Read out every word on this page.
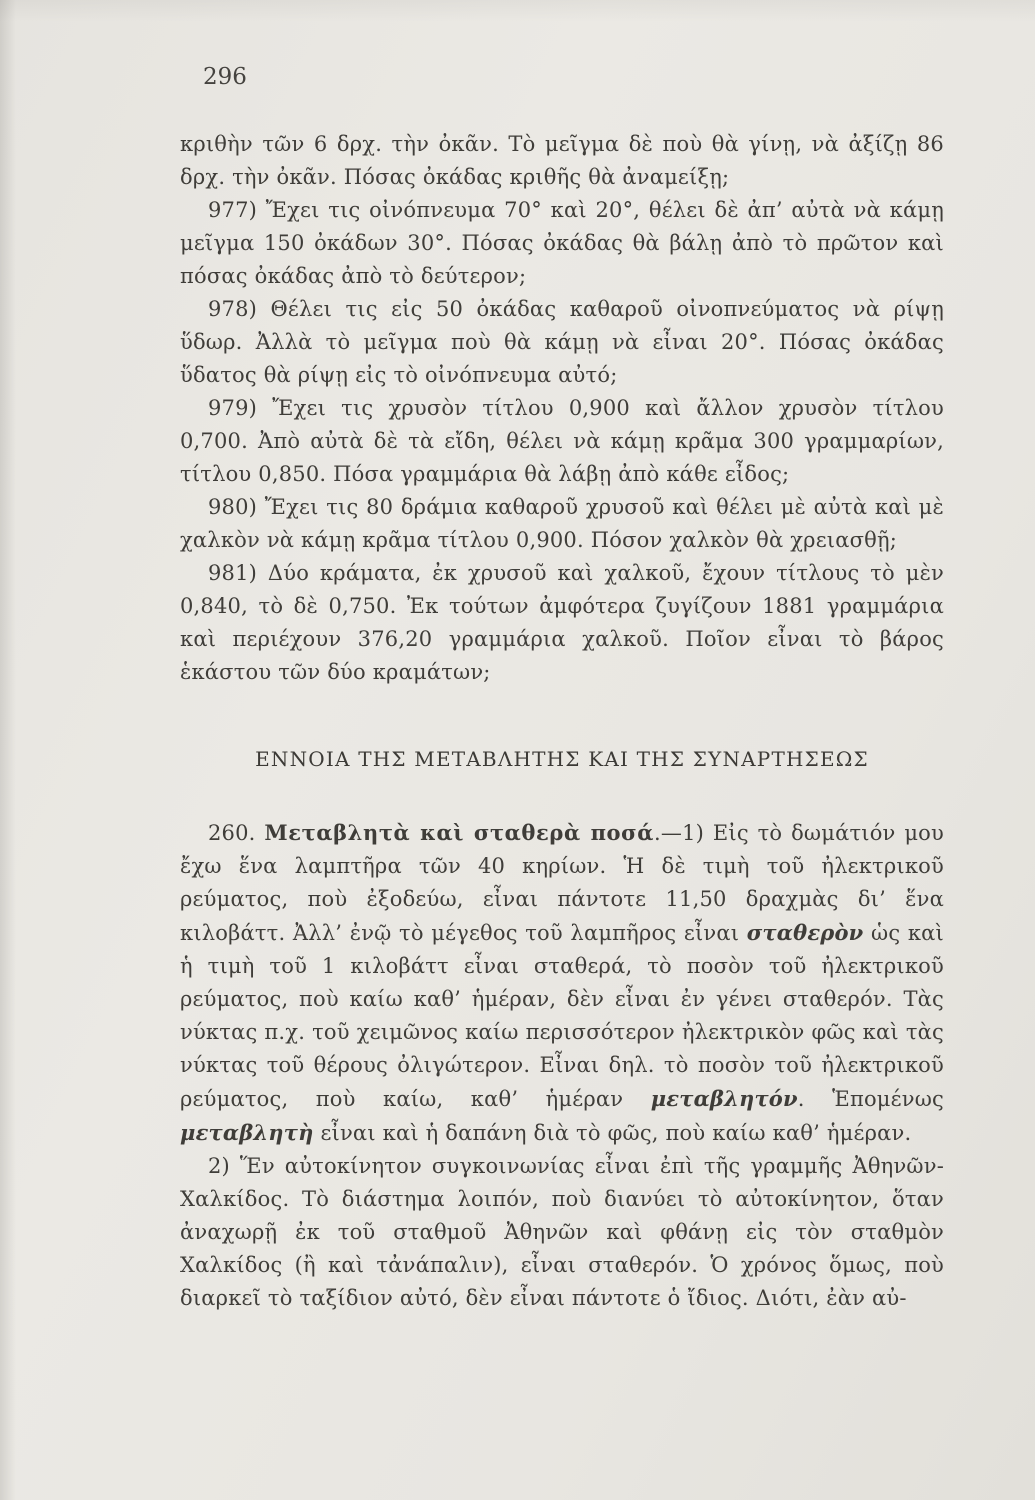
296

κριθὴν τῶν 6 δρχ. τὴν ὀκᾶν. Τὸ μεῖγμα δὲ ποὺ θὰ γίνῃ, νὰ ἀξίζῃ 86 δρχ. τὴν ὀκᾶν. Πόσας ὀκάδας κριθῆς θὰ ἀναμείξῃ;

977) Ἔχει τις οἰνόπνευμα 70° καὶ 20°, θέλει δὲ ἀπ’ αὐτὰ νὰ κάμῃ μεῖγμα 150 ὀκάδων 30°. Πόσας ὀκάδας θὰ βάλῃ ἀπὸ τὸ πρῶτον καὶ πόσας ὀκάδας ἀπὸ τὸ δεύτερον;

978) Θέλει τις εἰς 50 ὀκάδας καθαροῦ οἰνοπνεύματος νὰ ρίψῃ ὕδωρ. Ἀλλὰ τὸ μεῖγμα ποὺ θὰ κάμῃ νὰ εἶναι 20°. Πόσας ὀκάδας ὕδατος θὰ ρίψῃ εἰς τὸ οἰνόπνευμα αὐτό;

979) Ἔχει τις χρυσὸν τίτλου 0,900 καὶ ἄλλον χρυσὸν τίτλου 0,700. Ἀπὸ αὐτὰ δὲ τὰ εἴδη, θέλει νὰ κάμῃ κρᾶμα 300 γραμμαρίων, τίτλου 0,850. Πόσα γραμμάρια θὰ λάβῃ ἀπὸ κάθε εἶδος;

980) Ἔχει τις 80 δράμια καθαροῦ χρυσοῦ καὶ θέλει μὲ αὐτὰ καὶ μὲ χαλκὸν νὰ κάμῃ κρᾶμα τίτλου 0,900. Πόσον χαλκὸν θὰ χρειασθῇ;

981) Δύο κράματα, ἐκ χρυσοῦ καὶ χαλκοῦ, ἔχουν τίτλους τὸ μὲν 0,840, τὸ δὲ 0,750. Ἐκ τούτων ἀμφότερα ζυγίζουν 1881 γραμμάρια καὶ περιέχουν 376,20 γραμμάρια χαλκοῦ. Ποῖον εἶναι τὸ βάρος ἑκάστου τῶν δύο κραμάτων;

ΕΝΝΟΙΑ ΤΗΣ ΜΕΤΑΒΛΗΤΗΣ ΚΑΙ ΤΗΣ ΣΥΝΑΡΤΗΣΕΩΣ

260. Μεταβλητὰ καὶ σταθερὰ ποσά.—1) Εἰς τὸ δωμάτιόν μου ἔχω ἕνα λαμπτῆρα τῶν 40 κηρίων. Ἡ δὲ τιμὴ τοῦ ἠλεκτρικοῦ ρεύματος, ποὺ ἐξοδεύω, εἶναι πάντοτε 11,50 δραχμὰς δι’ ἕνα κιλοβάττ. Ἀλλ’ ἐνῷ τὸ μέγεθος τοῦ λαμπῆρος εἶναι σταθερὸν ὡς καὶ ἡ τιμὴ τοῦ 1 κιλοβάττ εἶναι σταθερά, τὸ ποσὸν τοῦ ἠλεκτρικοῦ ρεύματος, ποὺ καίω καθ’ ἡμέραν, δὲν εἶναι ἐν γένει σταθερόν. Τὰς νύκτας π.χ. τοῦ χειμῶνος καίω περισσότερον ἠλεκτρικὸν φῶς καὶ τὰς νύκτας τοῦ θέρους ὀλιγώτερον. Εἶναι δηλ. τὸ ποσὸν τοῦ ἠλεκτρικοῦ ρεύματος, ποὺ καίω, καθ’ ἡμέραν μεταβλητόν. Ἑπομένως μεταβλητὴ εἶναι καὶ ἡ δαπάνη διὰ τὸ φῶς, ποὺ καίω καθ’ ἡμέραν.

2) Ἕν αὐτοκίνητον συγκοινωνίας εἶναι ἐπὶ τῆς γραμμῆς Ἀθηνῶν-Χαλκίδος. Τὸ διάστημα λοιπόν, ποὺ διανύει τὸ αὐτοκίνητον, ὅταν ἀναχωρῇ ἐκ τοῦ σταθμοῦ Ἀθηνῶν καὶ φθάνῃ εἰς τὸν σταθμὸν Χαλκίδος (ἢ καὶ τἀνάπαλιν), εἶναι σταθερόν. Ὁ χρόνος ὅμως, ποὺ διαρκεῖ τὸ ταξίδιον αὐτό, δὲν εἶναι πάντοτε ὁ ἴδιος. Διότι, ἐὰν αὐ-
